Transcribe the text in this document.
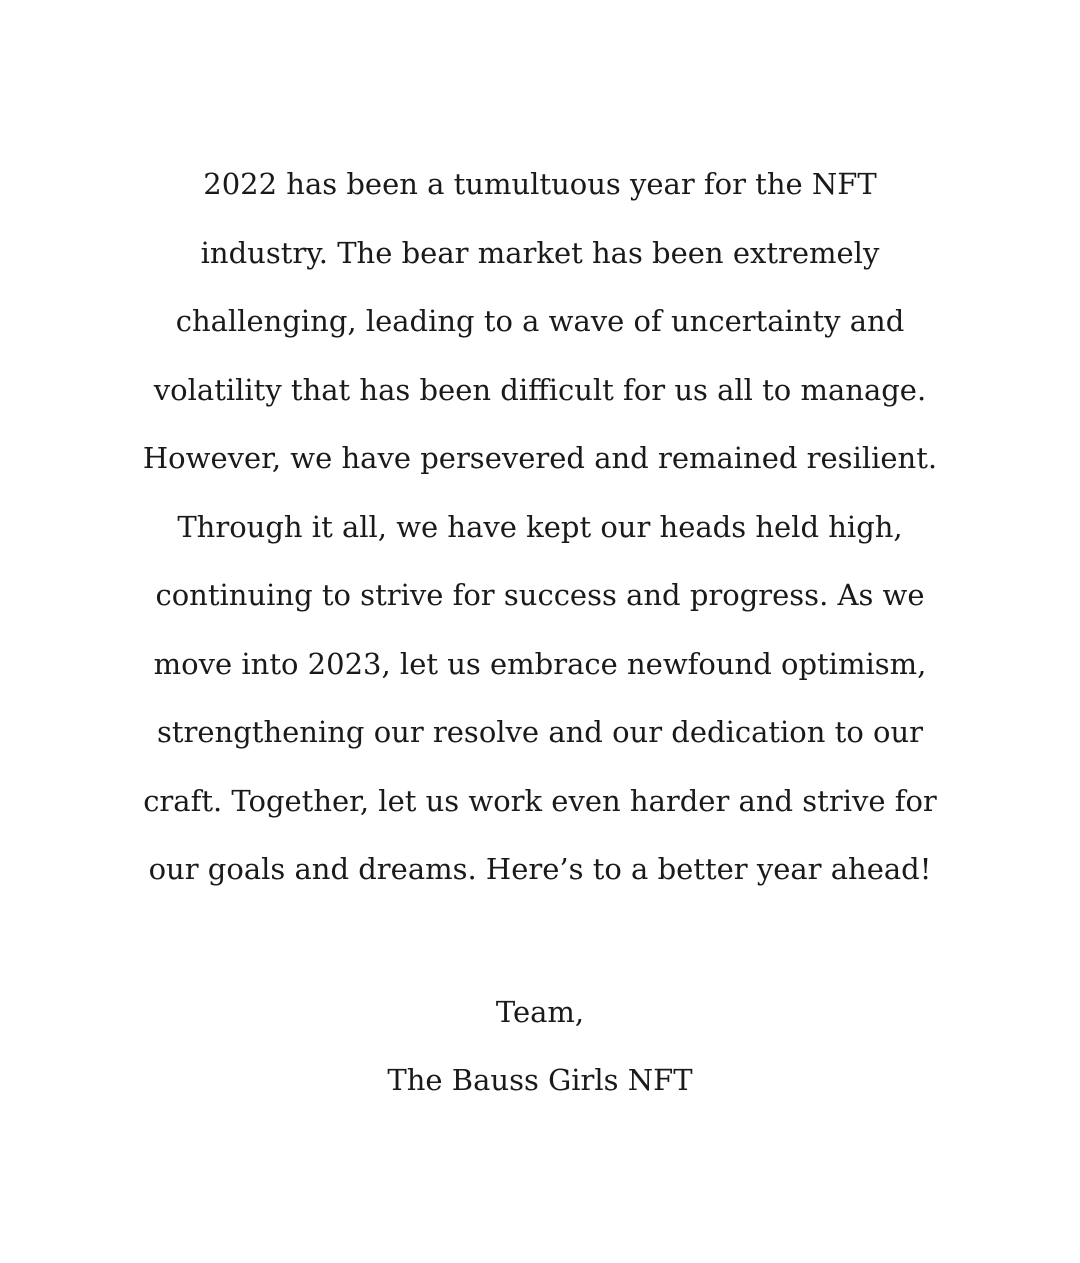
2022 has been a tumultuous year for the NFT
industry. The bear market has been extremely
challenging, leading to a wave of uncertainty and
volatility that has been difficult for us all to manage.
However, we have persevered and remained resilient.
Through it all, we have kept our heads held high,
continuing to strive for success and progress. As we
move into 2023, let us embrace newfound optimism,
strengthening our resolve and our dedication to our
craft. Together, let us work even harder and strive for
our goals and dreams. Here’s to a better year ahead!
Team,
The Bauss Girls NFT
